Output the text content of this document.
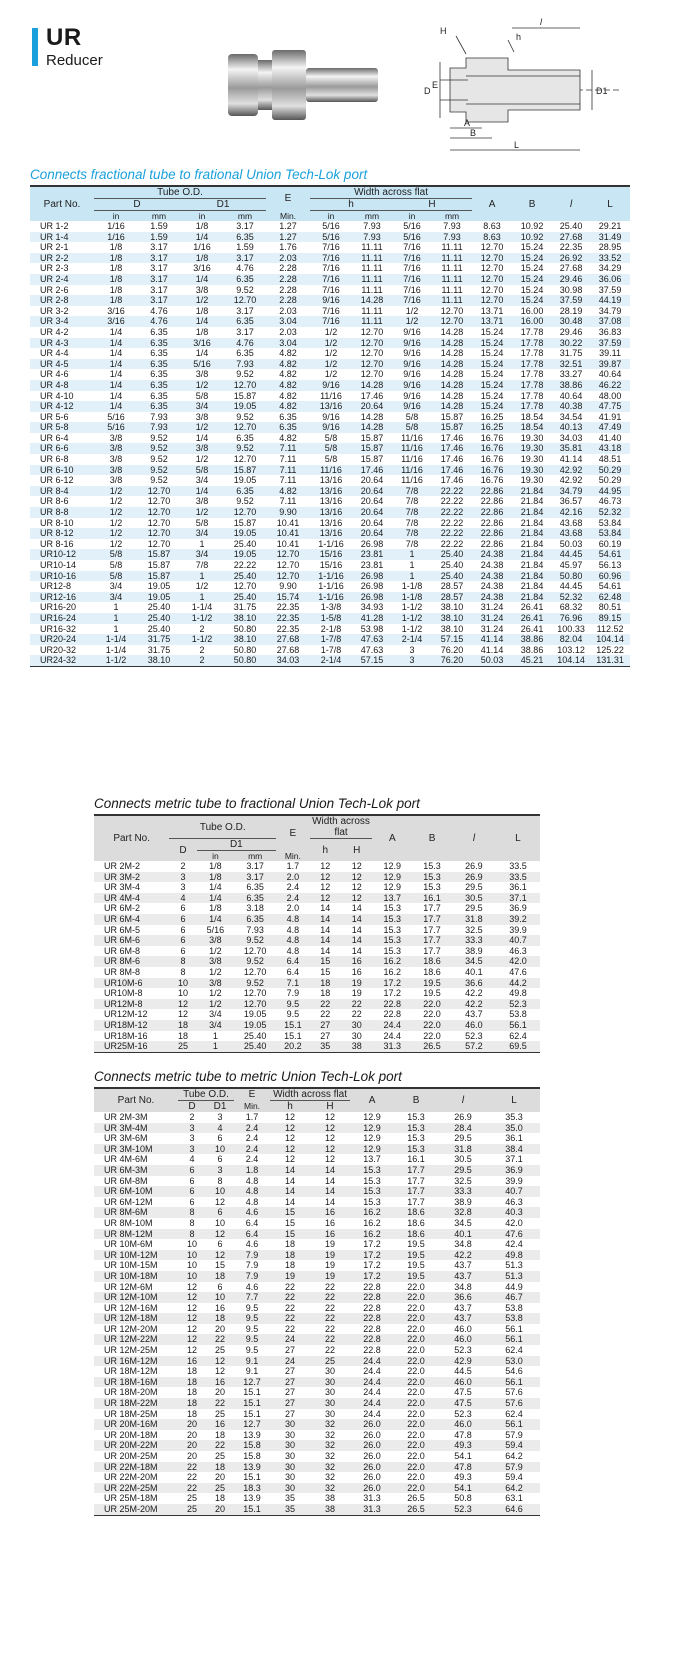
UR
Reducer
l
H
h
D
E
D1
A
B
L
Connects fractional tube to frational Union Tech-Lok port
Part No.	Tube O.D.				E	Width across flat				A	B	l	L
	D		D1			h		H					
	in	mm	in	mm	Min.	in	mm	in	mm				
UR 1-2	1/16	1.59	1/8	3.17	1.27	5/16	7.93	5/16	7.93	8.63	10.92	25.40	29.21
UR 1-4	1/16	1.59	1/4	6.35	1.27	5/16	7.93	5/16	7.93	8.63	10.92	27.68	31.49
UR 2-1	1/8	3.17	1/16	1.59	1.76	7/16	11.11	7/16	11.11	12.70	15.24	22.35	28.95
UR 2-2	1/8	3.17	1/8	3.17	2.03	7/16	11.11	7/16	11.11	12.70	15.24	26.92	33.52
UR 2-3	1/8	3.17	3/16	4.76	2.28	7/16	11.11	7/16	11.11	12.70	15.24	27.68	34.29
UR 2-4	1/8	3.17	1/4	6.35	2.28	7/16	11.11	7/16	11.11	12.70	15.24	29.46	36.06
UR 2-6	1/8	3.17	3/8	9.52	2.28	7/16	11.11	7/16	11.11	12.70	15.24	30.98	37.59
UR 2-8	1/8	3.17	1/2	12.70	2.28	9/16	14.28	7/16	11.11	12.70	15.24	37.59	44.19
UR 3-2	3/16	4.76	1/8	3.17	2.03	7/16	11.11	1/2	12.70	13.71	16.00	28.19	34.79
UR 3-4	3/16	4.76	1/4	6.35	3.04	7/16	11.11	1/2	12.70	13.71	16.00	30.48	37.08
UR 4-2	1/4	6.35	1/8	3.17	2.03	1/2	12.70	9/16	14.28	15.24	17.78	29.46	36.83
UR 4-3	1/4	6.35	3/16	4.76	3.04	1/2	12.70	9/16	14.28	15.24	17.78	30.22	37.59
UR 4-4	1/4	6.35	1/4	6.35	4.82	1/2	12.70	9/16	14.28	15.24	17.78	31.75	39.11
UR 4-5	1/4	6.35	5/16	7.93	4.82	1/2	12.70	9/16	14.28	15.24	17.78	32.51	39.87
UR 4-6	1/4	6.35	3/8	9.52	4.82	1/2	12.70	9/16	14.28	15.24	17.78	33.27	40.64
UR 4-8	1/4	6.35	1/2	12.70	4.82	9/16	14.28	9/16	14.28	15.24	17.78	38.86	46.22
UR 4-10	1/4	6.35	5/8	15.87	4.82	11/16	17.46	9/16	14.28	15.24	17.78	40.64	48.00
UR 4-12	1/4	6.35	3/4	19.05	4.82	13/16	20.64	9/16	14.28	15.24	17.78	40.38	47.75
UR 5-6	5/16	7.93	3/8	9.52	6.35	9/16	14.28	5/8	15.87	16.25	18.54	34.54	41.91
UR 5-8	5/16	7.93	1/2	12.70	6.35	9/16	14.28	5/8	15.87	16.25	18.54	40.13	47.49
UR 6-4	3/8	9.52	1/4	6.35	4.82	5/8	15.87	11/16	17.46	16.76	19.30	34.03	41.40
UR 6-6	3/8	9.52	3/8	9.52	7.11	5/8	15.87	11/16	17.46	16.76	19.30	35.81	43.18
UR 6-8	3/8	9.52	1/2	12.70	7.11	5/8	15.87	11/16	17.46	16.76	19.30	41.14	48.51
UR 6-10	3/8	9.52	5/8	15.87	7.11	11/16	17.46	11/16	17.46	16.76	19.30	42.92	50.29
UR 6-12	3/8	9.52	3/4	19.05	7.11	13/16	20.64	11/16	17.46	16.76	19.30	42.92	50.29
UR 8-4	1/2	12.70	1/4	6.35	4.82	13/16	20.64	7/8	22.22	22.86	21.84	34.79	44.95
UR 8-6	1/2	12.70	3/8	9.52	7.11	13/16	20.64	7/8	22.22	22.86	21.84	36.57	46.73
UR 8-8	1/2	12.70	1/2	12.70	9.90	13/16	20.64	7/8	22.22	22.86	21.84	42.16	52.32
UR 8-10	1/2	12.70	5/8	15.87	10.41	13/16	20.64	7/8	22.22	22.86	21.84	43.68	53.84
UR 8-12	1/2	12.70	3/4	19.05	10.41	13/16	20.64	7/8	22.22	22.86	21.84	43.68	53.84
UR 8-16	1/2	12.70	1	25.40	10.41	1-1/16	26.98	7/8	22.22	22.86	21.84	50.03	60.19
UR10-12	5/8	15.87	3/4	19.05	12.70	15/16	23.81	1	25.40	24.38	21.84	44.45	54.61
UR10-14	5/8	15.87	7/8	22.22	12.70	15/16	23.81	1	25.40	24.38	21.84	45.97	56.13
UR10-16	5/8	15.87	1	25.40	12.70	1-1/16	26.98	1	25.40	24.38	21.84	50.80	60.96
UR12-8	3/4	19.05	1/2	12.70	9.90	1-1/16	26.98	1-1/8	28.57	24.38	21.84	44.45	54.61
UR12-16	3/4	19.05	1	25.40	15.74	1-1/16	26.98	1-1/8	28.57	24.38	21.84	52.32	62.48
UR16-20	1	25.40	1-1/4	31.75	22.35	1-3/8	34.93	1-1/2	38.10	31.24	26.41	68.32	80.51
UR16-24	1	25.40	1-1/2	38.10	22.35	1-5/8	41.28	1-1/2	38.10	31.24	26.41	76.96	89.15
UR16-32	1	25.40	2	50.80	22.35	2-1/8	53.98	1-1/2	38.10	31.24	26.41	100.33	112.52
UR20-24	1-1/4	31.75	1-1/2	38.10	27.68	1-7/8	47.63	2-1/4	57.15	41.14	38.86	82.04	104.14
UR20-32	1-1/4	31.75	2	50.80	27.68	1-7/8	47.63	3	76.20	41.14	38.86	103.12	125.22
UR24-32	1-1/2	38.10	2	50.80	34.03	2-1/4	57.15	3	76.20	50.03	45.21	104.14	131.31
Connects metric tube to fractional Union Tech-Lok port
Part No.	Tube O.D.			E	Width across flat		A	B	l	L
	D	D1			h	H				
		in	mm	Min.						
UR 2M-2	2	1/8	3.17	1.7	12	12	12.9	15.3	26.9	33.5
UR 3M-2	3	1/8	3.17	2.0	12	12	12.9	15.3	26.9	33.5
UR 3M-4	3	1/4	6.35	2.4	12	12	12.9	15.3	29.5	36.1
UR 4M-4	4	1/4	6.35	2.4	12	12	13.7	16.1	30.5	37.1
UR 6M-2	6	1/8	3.18	2.0	14	14	15.3	17.7	29.5	36.9
UR 6M-4	6	1/4	6.35	4.8	14	14	15.3	17.7	31.8	39.2
UR 6M-5	6	5/16	7.93	4.8	14	14	15.3	17.7	32.5	39.9
UR 6M-6	6	3/8	9.52	4.8	14	14	15.3	17.7	33.3	40.7
UR 6M-8	6	1/2	12.70	4.8	14	14	15.3	17.7	38.9	46.3
UR 8M-6	8	3/8	9.52	6.4	15	16	16.2	18.6	34.5	42.0
UR 8M-8	8	1/2	12.70	6.4	15	16	16.2	18.6	40.1	47.6
UR10M-6	10	3/8	9.52	7.1	18	19	17.2	19.5	36.6	44.2
UR10M-8	10	1/2	12.70	7.9	18	19	17.2	19.5	42.2	49.8
UR12M-8	12	1/2	12.70	9.5	22	22	22.8	22.0	42.2	52.3
UR12M-12	12	3/4	19.05	9.5	22	22	22.8	22.0	43.7	53.8
UR18M-12	18	3/4	19.05	15.1	27	30	24.4	22.0	46.0	56.1
UR18M-16	18	1	25.40	15.1	27	30	24.4	22.0	52.3	62.4
UR25M-16	25	1	25.40	20.2	35	38	31.3	26.5	57.2	69.5
Connects metric tube to metric Union Tech-Lok port
Part No.	Tube O.D.		E	Width across flat		A	B	l	L
	D	D1		h	H				
			Min.						
UR 2M-3M	2	3	1.7	12	12	12.9	15.3	26.9	35.3
UR 3M-4M	3	4	2.4	12	12	12.9	15.3	28.4	35.0
UR 3M-6M	3	6	2.4	12	12	12.9	15.3	29.5	36.1
UR 3M-10M	3	10	2.4	12	12	12.9	15.3	31.8	38.4
UR 4M-6M	4	6	2.4	12	12	13.7	16.1	30.5	37.1
UR 6M-3M	6	3	1.8	14	14	15.3	17.7	29.5	36.9
UR 6M-8M	6	8	4.8	14	14	15.3	17.7	32.5	39.9
UR 6M-10M	6	10	4.8	14	14	15.3	17.7	33.3	40.7
UR 6M-12M	6	12	4.8	14	14	15.3	17.7	38.9	46.3
UR 8M-6M	8	6	4.6	15	16	16.2	18.6	32.8	40.3
UR 8M-10M	8	10	6.4	15	16	16.2	18.6	34.5	42.0
UR 8M-12M	8	12	6.4	15	16	16.2	18.6	40.1	47.6
UR 10M-6M	10	6	4.6	18	19	17.2	19.5	34.8	42.4
UR 10M-12M	10	12	7.9	18	19	17.2	19.5	42.2	49.8
UR 10M-15M	10	15	7.9	18	19	17.2	19.5	43.7	51.3
UR 10M-18M	10	18	7.9	19	19	17.2	19.5	43.7	51.3
UR 12M-6M	12	6	4.6	22	22	22.8	22.0	34.8	44.9
UR 12M-10M	12	10	7.7	22	22	22.8	22.0	36.6	46.7
UR 12M-16M	12	16	9.5	22	22	22.8	22.0	43.7	53.8
UR 12M-18M	12	18	9.5	22	22	22.8	22.0	43.7	53.8
UR 12M-20M	12	20	9.5	22	22	22.8	22.0	46.0	56.1
UR 12M-22M	12	22	9.5	24	22	22.8	22.0	46.0	56.1
UR 12M-25M	12	25	9.5	27	22	22.8	22.0	52.3	62.4
UR 16M-12M	16	12	9.1	24	25	24.4	22.0	42.9	53.0
UR 18M-12M	18	12	9.1	27	30	24.4	22.0	44.5	54.6
UR 18M-16M	18	16	12.7	27	30	24.4	22.0	46.0	56.1
UR 18M-20M	18	20	15.1	27	30	24.4	22.0	47.5	57.6
UR 18M-22M	18	22	15.1	27	30	24.4	22.0	47.5	57.6
UR 18M-25M	18	25	15.1	27	30	24.4	22.0	52.3	62.4
UR 20M-16M	20	16	12.7	30	32	26.0	22.0	46.0	56.1
UR 20M-18M	20	18	13.9	30	32	26.0	22.0	47.8	57.9
UR 20M-22M	20	22	15.8	30	32	26.0	22.0	49.3	59.4
UR 20M-25M	20	25	15.8	30	32	26.0	22.0	54.1	64.2
UR 22M-18M	22	18	13.9	30	32	26.0	22.0	47.8	57.9
UR 22M-20M	22	20	15.1	30	32	26.0	22.0	49.3	59.4
UR 22M-25M	22	25	18.3	30	32	26.0	22.0	54.1	64.2
UR 25M-18M	25	18	13.9	35	38	31.3	26.5	50.8	63.1
UR 25M-20M	25	20	15.1	35	38	31.3	26.5	52.3	64.6
